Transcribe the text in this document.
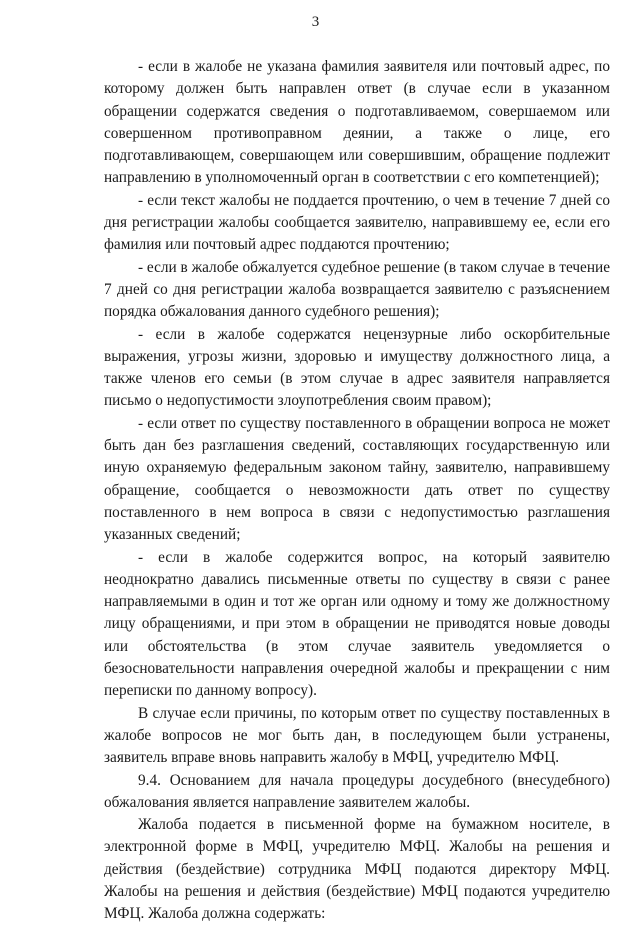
3

- если в жалобе не указана фамилия заявителя или почтовый адрес, по которому должен быть направлен ответ (в случае если в указанном обращении содержатся сведения о подготавливаемом, совершаемом или совершенном противоправном деянии, а также о лице, его подготавливающем, совершающем или совершившим, обращение подлежит направлению в уполномоченный орган в соответствии с его компетенцией);

- если текст жалобы не поддается прочтению, о чем в течение 7 дней со дня регистрации жалобы сообщается заявителю, направившему ее, если его фамилия или почтовый адрес поддаются прочтению;

- если в жалобе обжалуется судебное решение (в таком случае в течение 7 дней со дня регистрации жалоба возвращается заявителю с разъяснением порядка обжалования данного судебного решения);

- если в жалобе содержатся нецензурные либо оскорбительные выражения, угрозы жизни, здоровью и имуществу должностного лица, а также членов его семьи (в этом случае в адрес заявителя направляется письмо о недопустимости злоупотребления своим правом);

- если ответ по существу поставленного в обращении вопроса не может быть дан без разглашения сведений, составляющих государственную или иную охраняемую федеральным законом тайну, заявителю, направившему обращение, сообщается о невозможности дать ответ по существу поставленного в нем вопроса в связи с недопустимостью разглашения указанных сведений;

- если в жалобе содержится вопрос, на который заявителю неоднократно давались письменные ответы по существу в связи с ранее направляемыми в один и тот же орган или одному и тому же должностному лицу обращениями, и при этом в обращении не приводятся новые доводы или обстоятельства (в этом случае заявитель уведомляется о безосновательности направления очередной жалобы и прекращении с ним переписки по данному вопросу).

В случае если причины, по которым ответ по существу поставленных в жалобе вопросов не мог быть дан, в последующем были устранены, заявитель вправе вновь направить жалобу в МФЦ, учредителю МФЦ.

9.4. Основанием для начала процедуры досудебного (внесудебного) обжалования является направление заявителем жалобы.

Жалоба подается в письменной форме на бумажном носителе, в электронной форме в МФЦ, учредителю МФЦ. Жалобы на решения и действия (бездействие) сотрудника МФЦ подаются директору МФЦ. Жалобы на решения и действия (бездействие) МФЦ подаются учредителю МФЦ. Жалоба должна содержать:
